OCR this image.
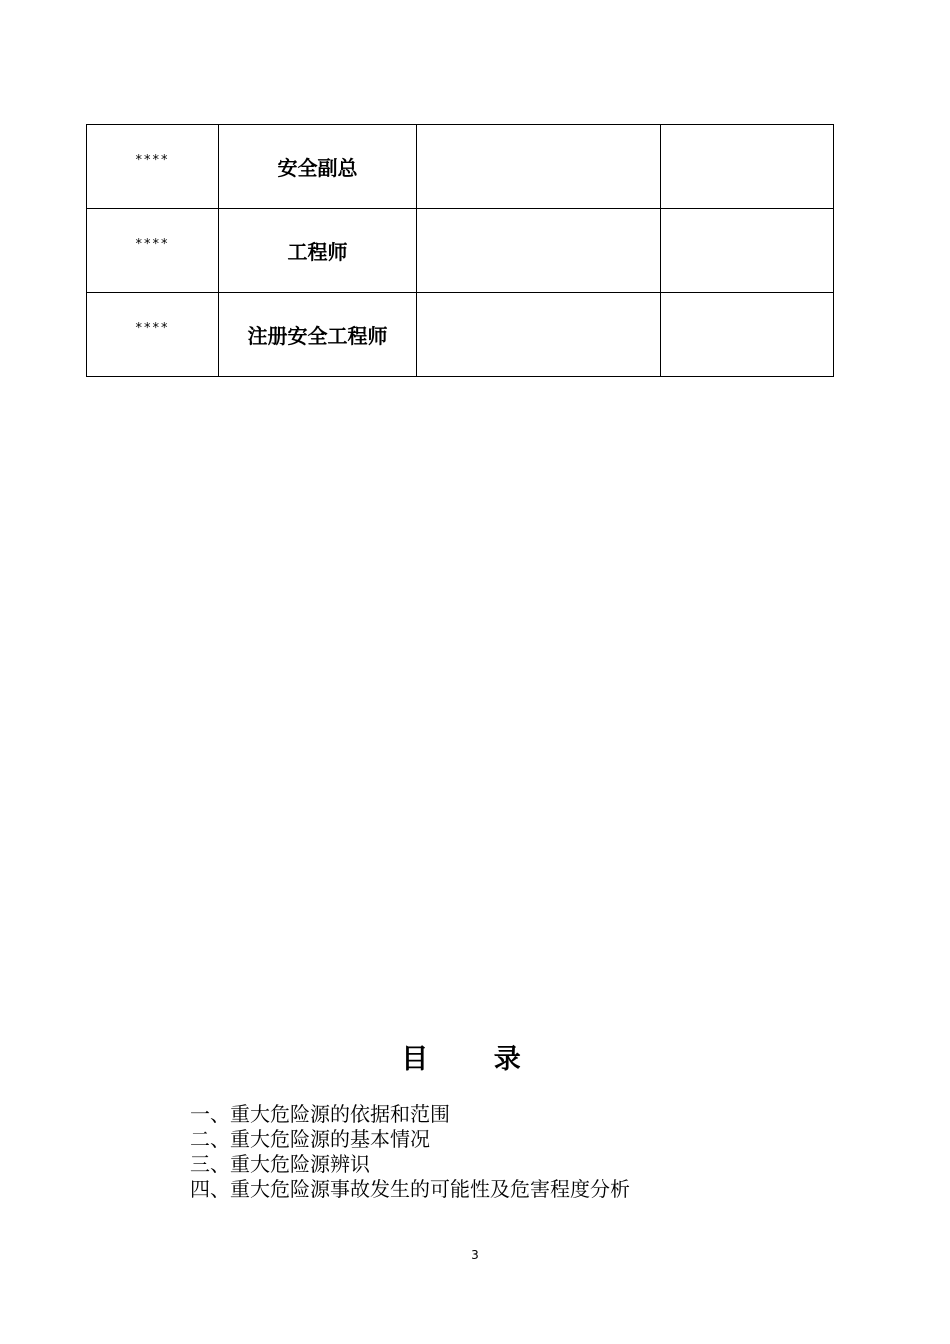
****	安全副总		
****	工程师		
****	注册安全工程师		
目 录
一、重大危险源的依据和范围
二、重大危险源的基本情况
三、重大危险源辨识
四、重大危险源事故发生的可能性及危害程度分析
3
